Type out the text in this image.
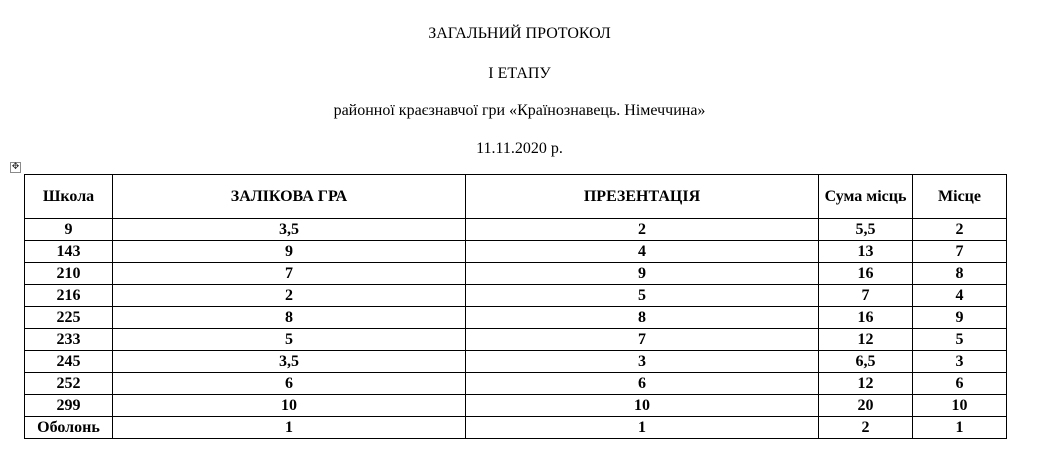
ЗАГАЛЬНИЙ ПРОТОКОЛ

І ЕТАПУ

районної краєзнавчої гри «Країнознавець. Німеччина»

11.11.2020 р.

✥
Школа	ЗАЛІКОВА ГРА	ПРЕЗЕНТАЦІЯ	Сума місць	Місце
9	3,5	2	5,5	2
143	9	4	13	7
210	7	9	16	8
216	2	5	7	4
225	8	8	16	9
233	5	7	12	5
245	3,5	3	6,5	3
252	6	6	12	6
299	10	10	20	10
Оболонь	1	1	2	1
